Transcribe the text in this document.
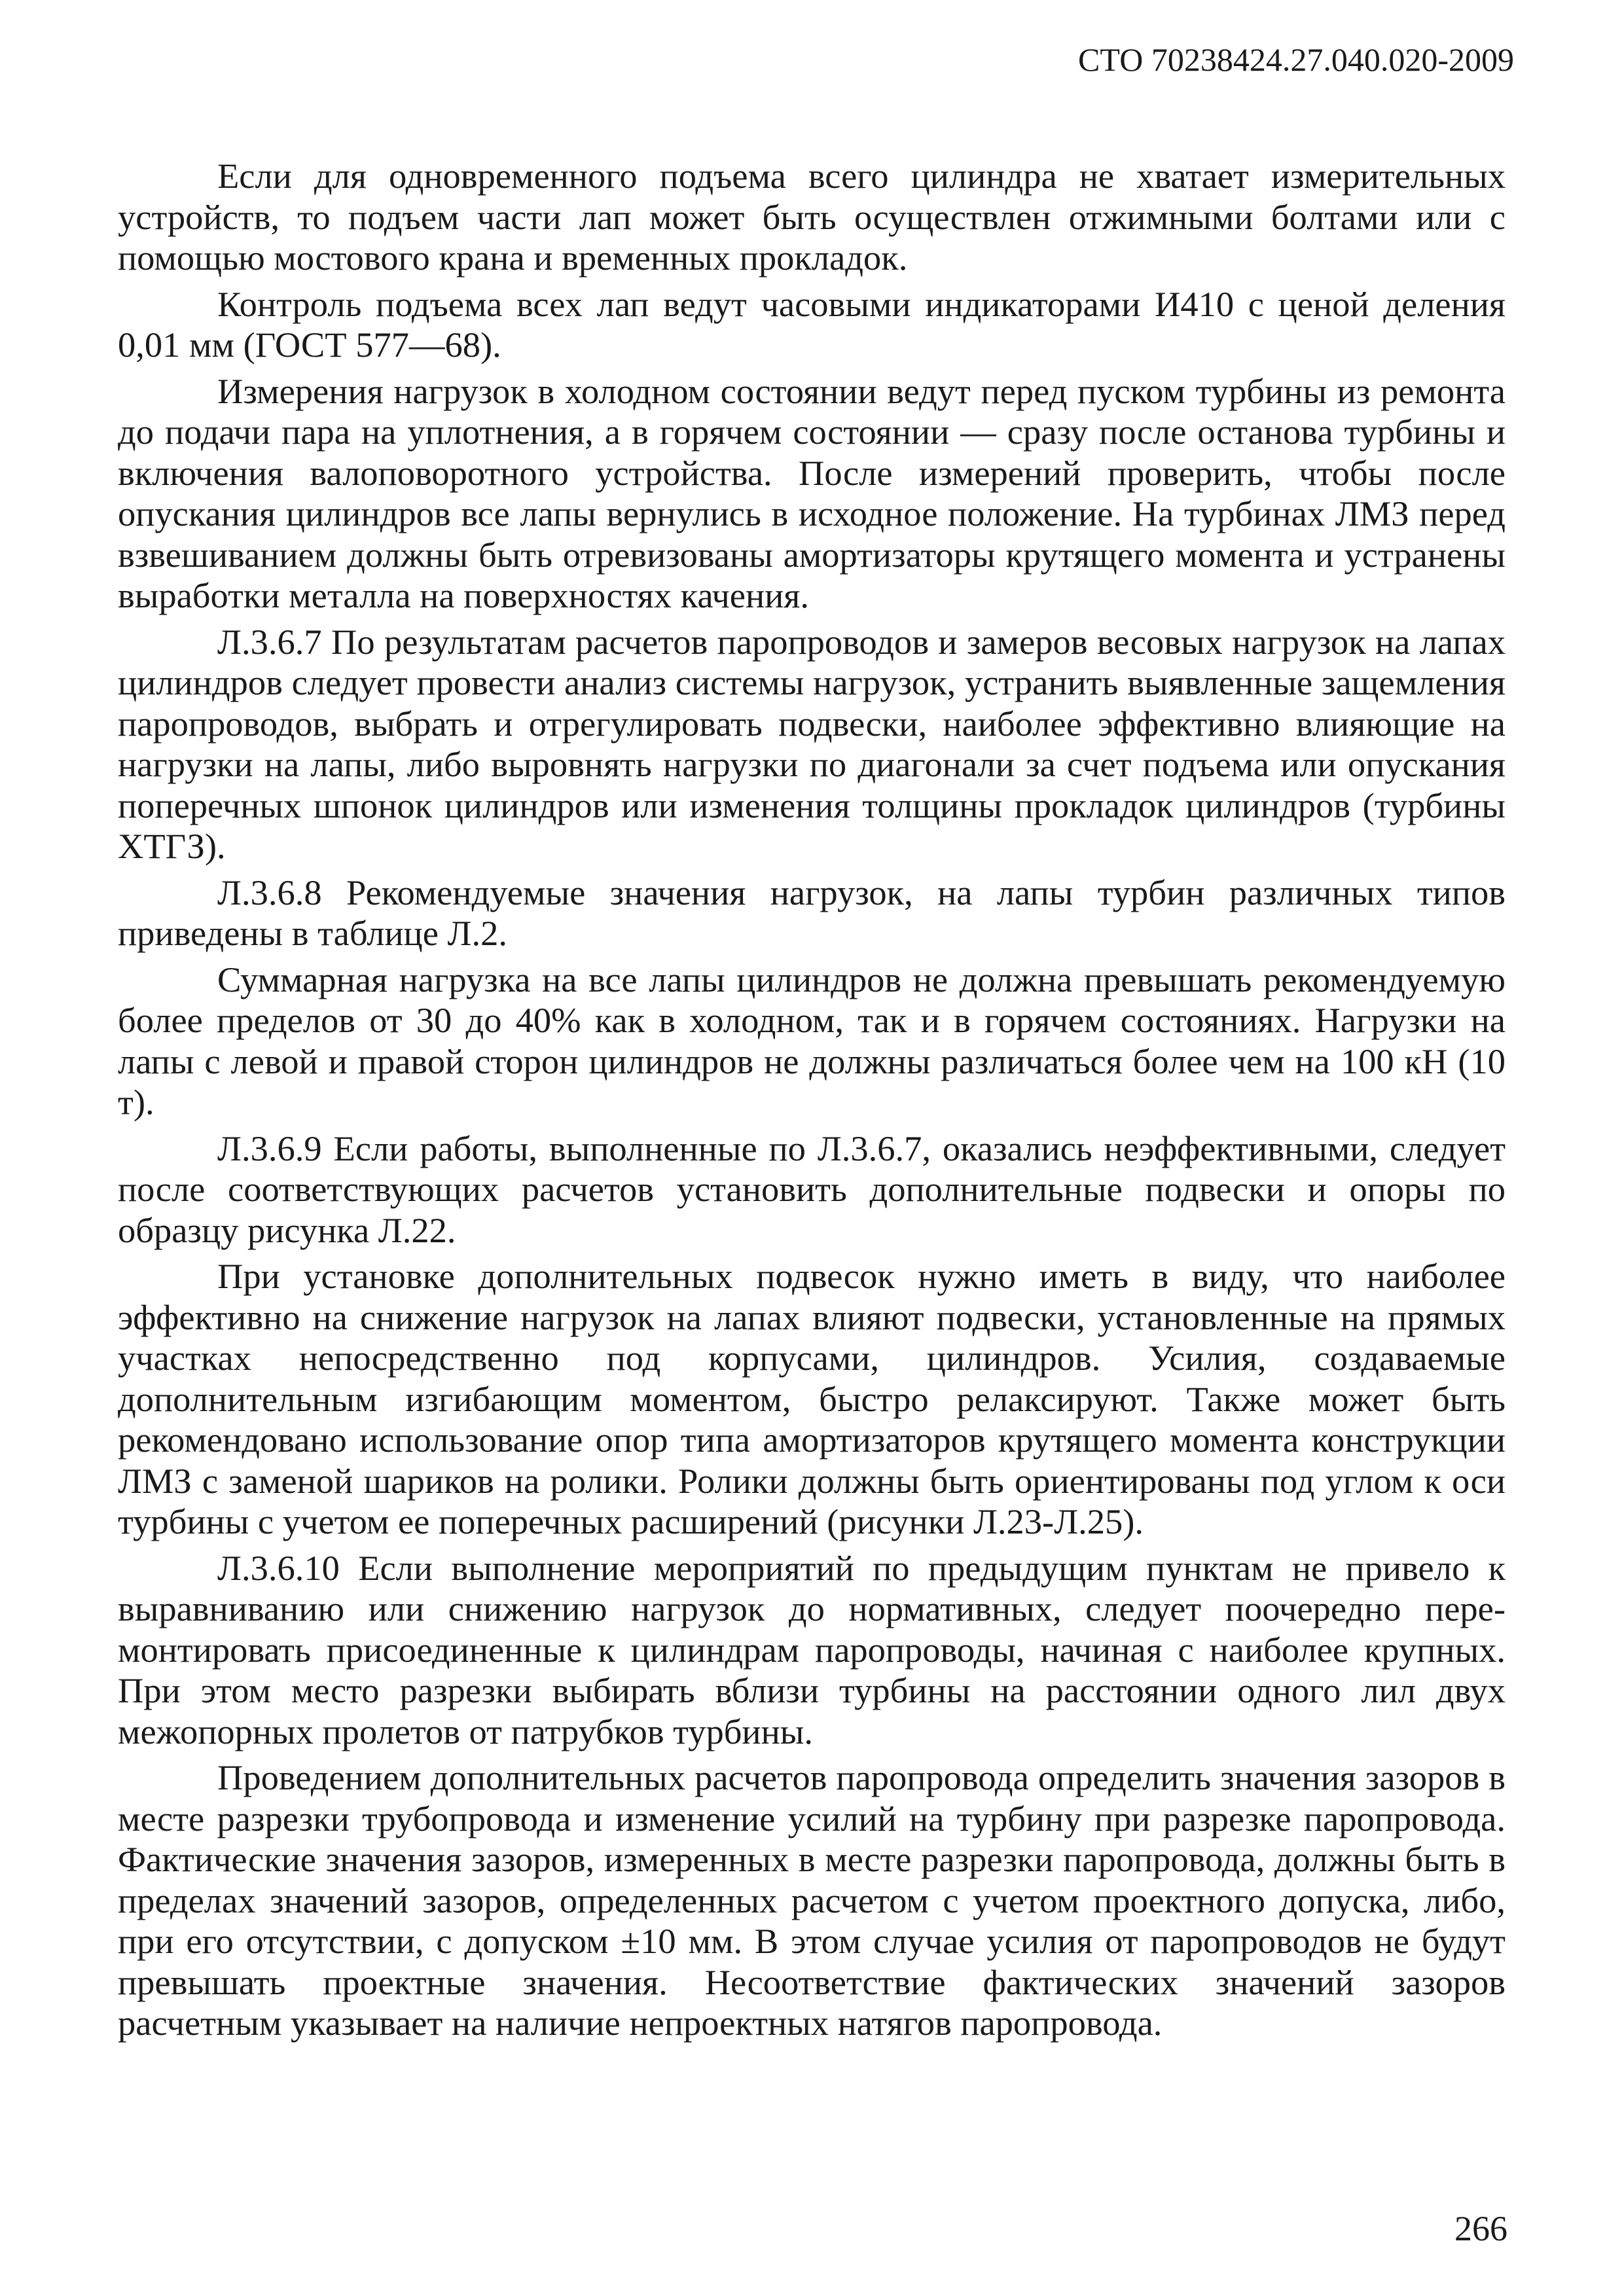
СТО 70238424.27.040.020-2009

Если для одновременного подъема всего цилиндра не хватает измерительных устройств, то подъем части лап может быть осуществлен отжимными болтами или с помощью мостового крана и временных прокладок.

Контроль подъема всех лап ведут часовыми индикаторами И410 с ценой деления 0,01 мм (ГОСТ 577—68).

Измерения нагрузок в холодном состоянии ведут перед пуском турбины из ремонта до подачи пара на уплотнения, а в горячем состоянии — сразу после останова турбины и включения валоповоротного устройства. После измерений проверить, чтобы после опускания цилиндров все лапы вернулись в исходное положение. На турбинах ЛМЗ перед взвешиванием должны быть отревизованы амортизаторы крутящего момента и устранены выработки металла на поверхностях качения.

Л.3.6.7 По результатам расчетов паропроводов и замеров весовых нагрузок на лапах цилиндров следует провести анализ системы нагрузок, устранить выявленные защемления паропроводов, выбрать и отрегулировать подвески, наиболее эффективно влияющие на нагрузки на лапы, либо выровнять нагрузки по диагонали за счет подъема или опускания поперечных шпонок цилиндров или изменения толщины прокладок цилиндров (турбины ХТГЗ).

Л.3.6.8 Рекомендуемые значения нагрузок, на лапы турбин различных типов приведены в таблице Л.2.

Суммарная нагрузка на все лапы цилиндров не должна превышать рекомендуемую более пределов от 30 до 40% как в холодном, так и в горячем состояниях. Нагрузки на лапы с левой и правой сторон цилиндров не должны различаться более чем на 100 кН (10 т).

Л.3.6.9 Если работы, выполненные по Л.3.6.7, оказались неэффективными, следует после соответствующих расчетов установить дополнительные подвески и опоры по образцу рисунка Л.22.

При установке дополнительных подвесок нужно иметь в виду, что наиболее эффективно на снижение нагрузок на лапах влияют подвески, установленные на прямых участках непосредственно под корпусами, цилиндров. Усилия, создаваемые дополнительным изгибающим моментом, быстро релаксируют. Также может быть рекомендовано использование опор типа амортизаторов крутящего момента конструкции ЛМЗ с заменой шариков на ролики. Ролики должны быть ориентированы под углом к оси турбины с учетом ее поперечных расширений (рисунки Л.23-Л.25).

Л.3.6.10 Если выполнение мероприятий по предыдущим пунктам не привело к выравниванию или снижению нагрузок до нормативных, следует поочередно перемонтировать присоединенные к цилиндрам паропроводы, начиная с наиболее крупных. При этом место разрезки выбирать вблизи турбины на расстоянии одного лил двух межопорных пролетов от патрубков турбины.

Проведением дополнительных расчетов паропровода определить значения зазоров в месте разрезки трубопровода и изменение усилий на турбину при разрезке паропровода. Фактические значения зазоров, измеренных в месте разрезки паропровода, должны быть в пределах значений зазоров, определенных расчетом с учетом проектного допуска, либо, при его отсутствии, с допуском ±10 мм. В этом случае усилия от паропроводов не будут превышать проектные значения. Несоответствие фактических значений зазоров расчетным указывает на наличие непроектных натягов паропровода.

266
